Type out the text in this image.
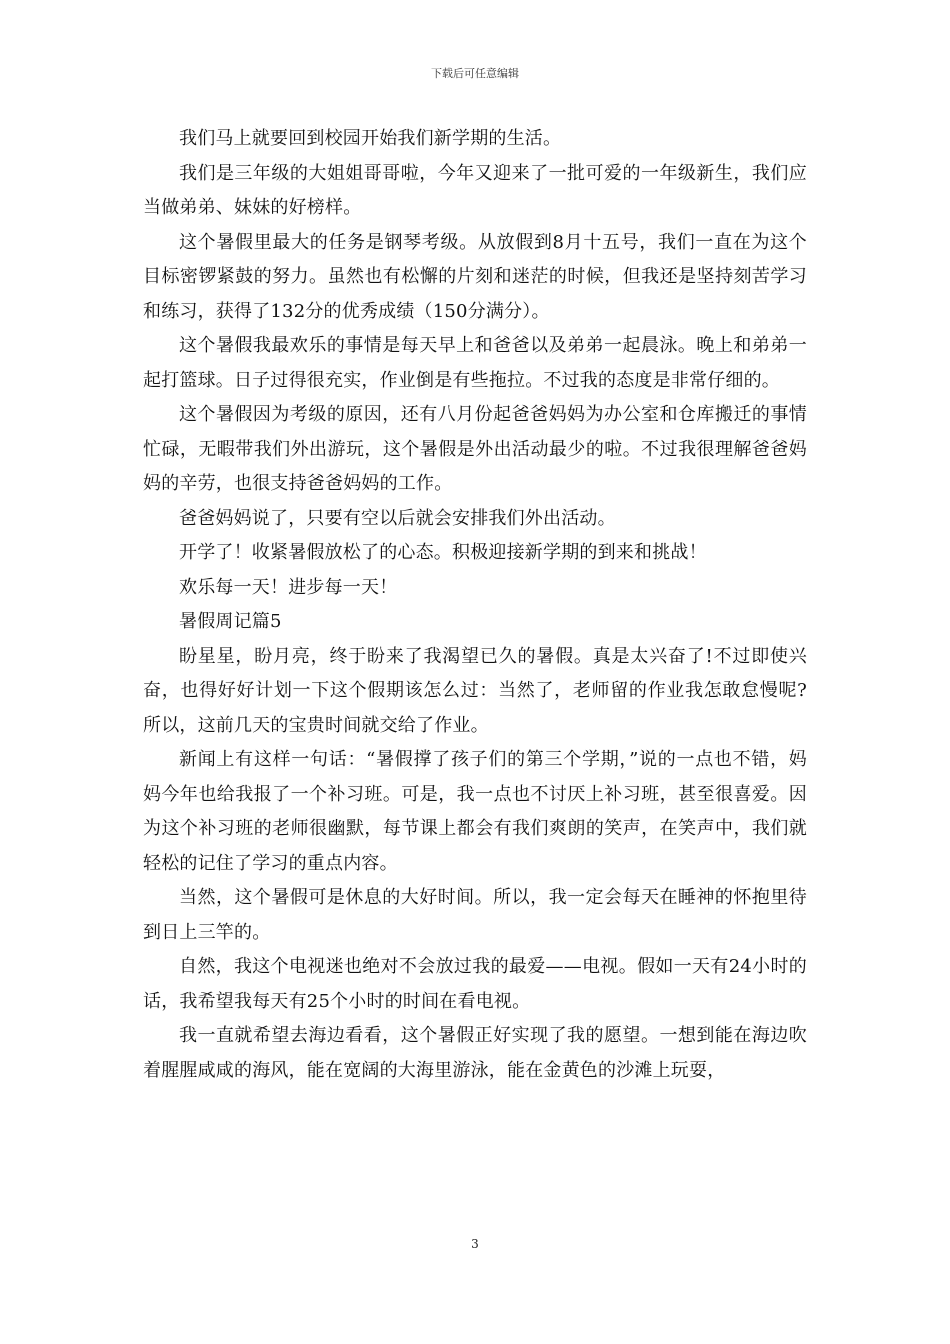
下载后可任意编辑

我们马上就要回到校园开始我们新学期的生活。

我们是三年级的大姐姐哥哥啦，今年又迎来了一批可爱的一年级新生，我们应当做弟弟、妹妹的好榜样。

这个暑假里最大的任务是钢琴考级。从放假到8月十五号，我们一直在为这个目标密锣紧鼓的努力。虽然也有松懈的片刻和迷茫的时候，但我还是坚持刻苦学习和练习，获得了132分的优秀成绩（150分满分）。

这个暑假我最欢乐的事情是每天早上和爸爸以及弟弟一起晨泳。晚上和弟弟一起打篮球。日子过得很充实，作业倒是有些拖拉。不过我的态度是非常仔细的。

这个暑假因为考级的原因，还有八月份起爸爸妈妈为办公室和仓库搬迁的事情忙碌，无暇带我们外出游玩，这个暑假是外出活动最少的啦。不过我很理解爸爸妈妈的辛劳，也很支持爸爸妈妈的工作。

爸爸妈妈说了，只要有空以后就会安排我们外出活动。

开学了！收紧暑假放松了的心态。积极迎接新学期的到来和挑战！

欢乐每一天！进步每一天！

暑假周记篇5

盼星星，盼月亮，终于盼来了我渴望已久的暑假。真是太兴奋了!不过即使兴奋，也得好好计划一下这个假期该怎么过：当然了，老师留的作业我怎敢怠慢呢?所以，这前几天的宝贵时间就交给了作业。

新闻上有这样一句话：“暑假撑了孩子们的第三个学期，”说的一点也不错，妈妈今年也给我报了一个补习班。可是，我一点也不讨厌上补习班，甚至很喜爱。因为这个补习班的老师很幽默，每节课上都会有我们爽朗的笑声，在笑声中，我们就轻松的记住了学习的重点内容。

当然，这个暑假可是休息的大好时间。所以，我一定会每天在睡神的怀抱里待到日上三竿的。

自然，我这个电视迷也绝对不会放过我的最爱——电视。假如一天有24小时的话，我希望我每天有25个小时的时间在看电视。

我一直就希望去海边看看，这个暑假正好实现了我的愿望。一想到能在海边吹着腥腥咸咸的海风，能在宽阔的大海里游泳，能在金黄色的沙滩上玩耍，

3
